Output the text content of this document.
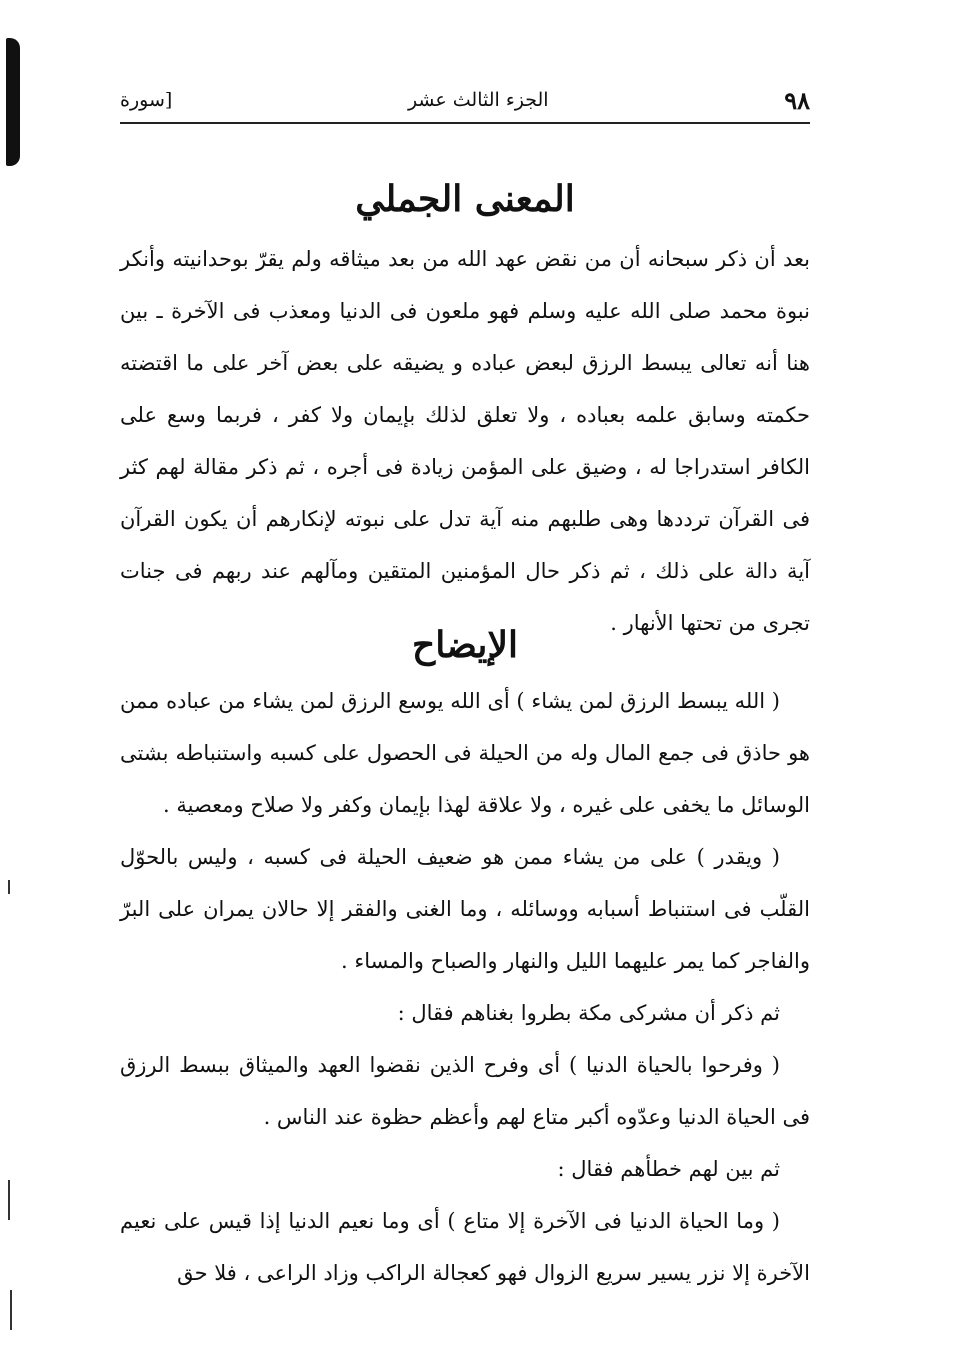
٩٨
الجزء الثالث عشر
[سورة
المعنى الجملي

بعد أن ذكر سبحانه أن من نقض عهد الله من بعد ميثاقه ولم يقرّ بوحدانيته وأنكر نبوة محمد صلى الله عليه وسلم فهو ملعون فى الدنيا ومعذب فى الآخرة ـ بين هنا أنه تعالى يبسط الرزق لبعض عباده و يضيقه على بعض آخر على ما اقتضته حكمته وسابق علمه بعباده ، ولا تعلق لذلك بإيمان ولا كفر ، فربما وسع على الكافر استدراجا له ، وضيق على المؤمن زيادة فى أجره ، ثم ذكر مقالة لهم كثر فى القرآن ترددها وهى طلبهم منه آية تدل على نبوته لإنكارهم أن يكون القرآن آية دالة على ذلك ، ثم ذكر حال المؤمنين المتقين ومآلهم عند ربهم فى جنات تجرى من تحتها الأنهار .

الإيضاح

( الله يبسط الرزق لمن يشاء ) أى الله يوسع الرزق لمن يشاء من عباده ممن هو حاذق فى جمع المال وله من الحيلة فى الحصول على كسبه واستنباطه بشتى الوسائل ما يخفى على غيره ، ولا علاقة لهذا بإيمان وكفر ولا صلاح ومعصية .

( ويقدر ) على من يشاء ممن هو ضعيف الحيلة فى كسبه ، وليس بالحوّل القلّب فى استنباط أسبابه ووسائله ، وما الغنى والفقر إلا حالان يمران على البرّ والفاجر كما يمر عليهما الليل والنهار والصباح والمساء .

ثم ذكر أن مشركى مكة بطروا بغناهم فقال :

( وفرحوا بالحياة الدنيا ) أى وفرح الذين نقضوا العهد والميثاق ببسط الرزق فى الحياة الدنيا وعدّوه أكبر متاع لهم وأعظم حظوة عند الناس .

ثم بين لهم خطأهم فقال :

( وما الحياة الدنيا فى الآخرة إلا متاع ) أى وما نعيم الدنيا إذا قيس على نعيم الآخرة إلا نزر يسير سريع الزوال فهو كعجالة الراكب وزاد الراعى ، فلا حق
